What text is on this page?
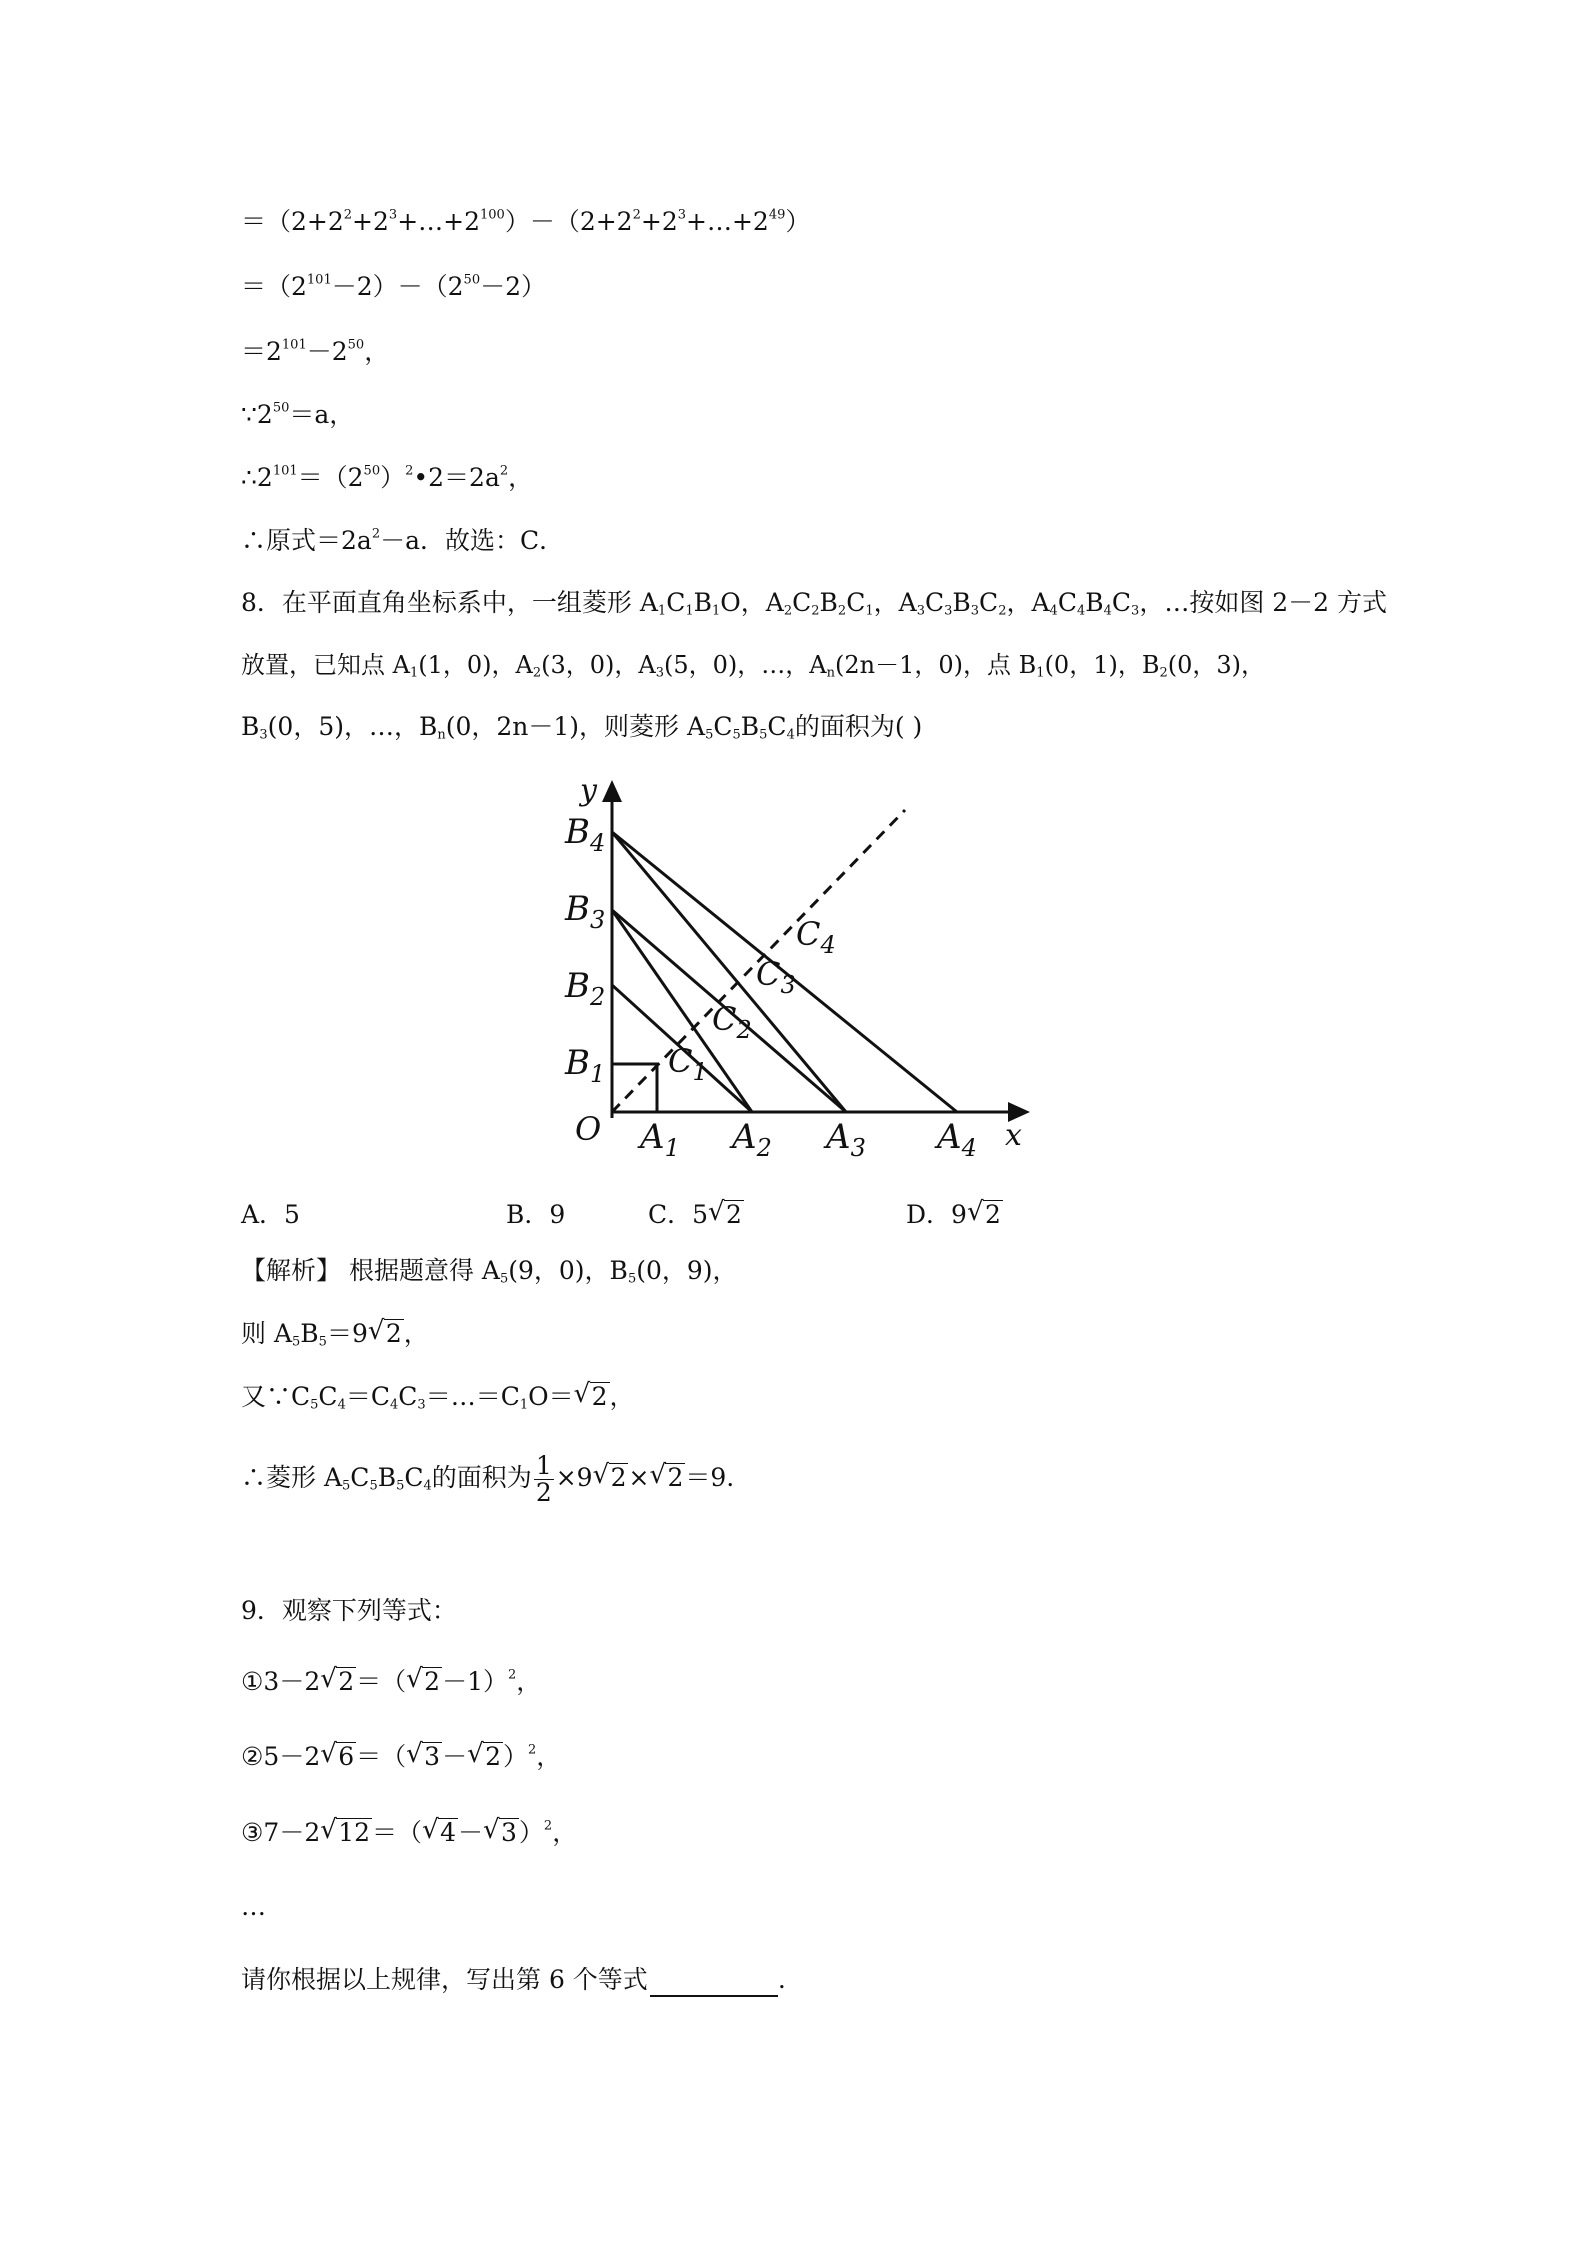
$=(2+2^2+2^3+\dots+2^{100})-(2+2^2+2^3+\dots+2^{49})$
$=(2^{101}-2)-(2^{50}-2)$
$=2^{101}-2^{50}$，
$\because 2^{50}=a$，
$\therefore 2^{101}=(2^{50})^2•2=2a^2$，
∴原式$=2a^2-a$．故选：C．
8．在平面直角坐标系中，一组菱形 $A_1C_1B_1O$，$A_2C_2B_2C_1$，$A_3C_3B_3C_2$，$A_4C_4B_4C_3$，…按如图 2－2 方式
放置，已知点 $A_1(1$，0)，$A_2(3$，0)，$A_3(5$，0)，…，$A_n(2n-1$，0)，点 $B_1(0$，1)，$B_2(0$，3)，
$B_3(0$，5)，…，$B_n(0$，2n－1)，则菱形 $A_5C_5B_5C_4$的面积为( )
y
x
O
$B_4$
$B_3$
$B_2$
$B_1$
$A_1$ $A_2$ $A_3$ $A_4$
$C_1$
$C_2$
$C_3$
$C_4$
A．5	B．9	C．5 √ 2	D．9 √ 2
【解析】 根据题意得 $A_5(9$，0)，$B_5(0$，9)，
则 $A_5B_5=9$ √ 2，
又$\because C_5C_4=C_4C_3=\dots=C_1O=$ √ 2，
∴菱形 $A_5C_5B_5C_4$的面积为 $\frac{1}{2} \times 9$ √ 2× √ 2＝9.
9．观察下列等式：
①3－2 √ 2＝（ √ 2－1）$^2$，
②5－2 √ 6＝（ √ 3－ √ 2）$^2$，
③7－2 √ 12＝（ √ 4－ √ 3）$^2$，
…
请你根据以上规律，写出第 6 个等式	.
